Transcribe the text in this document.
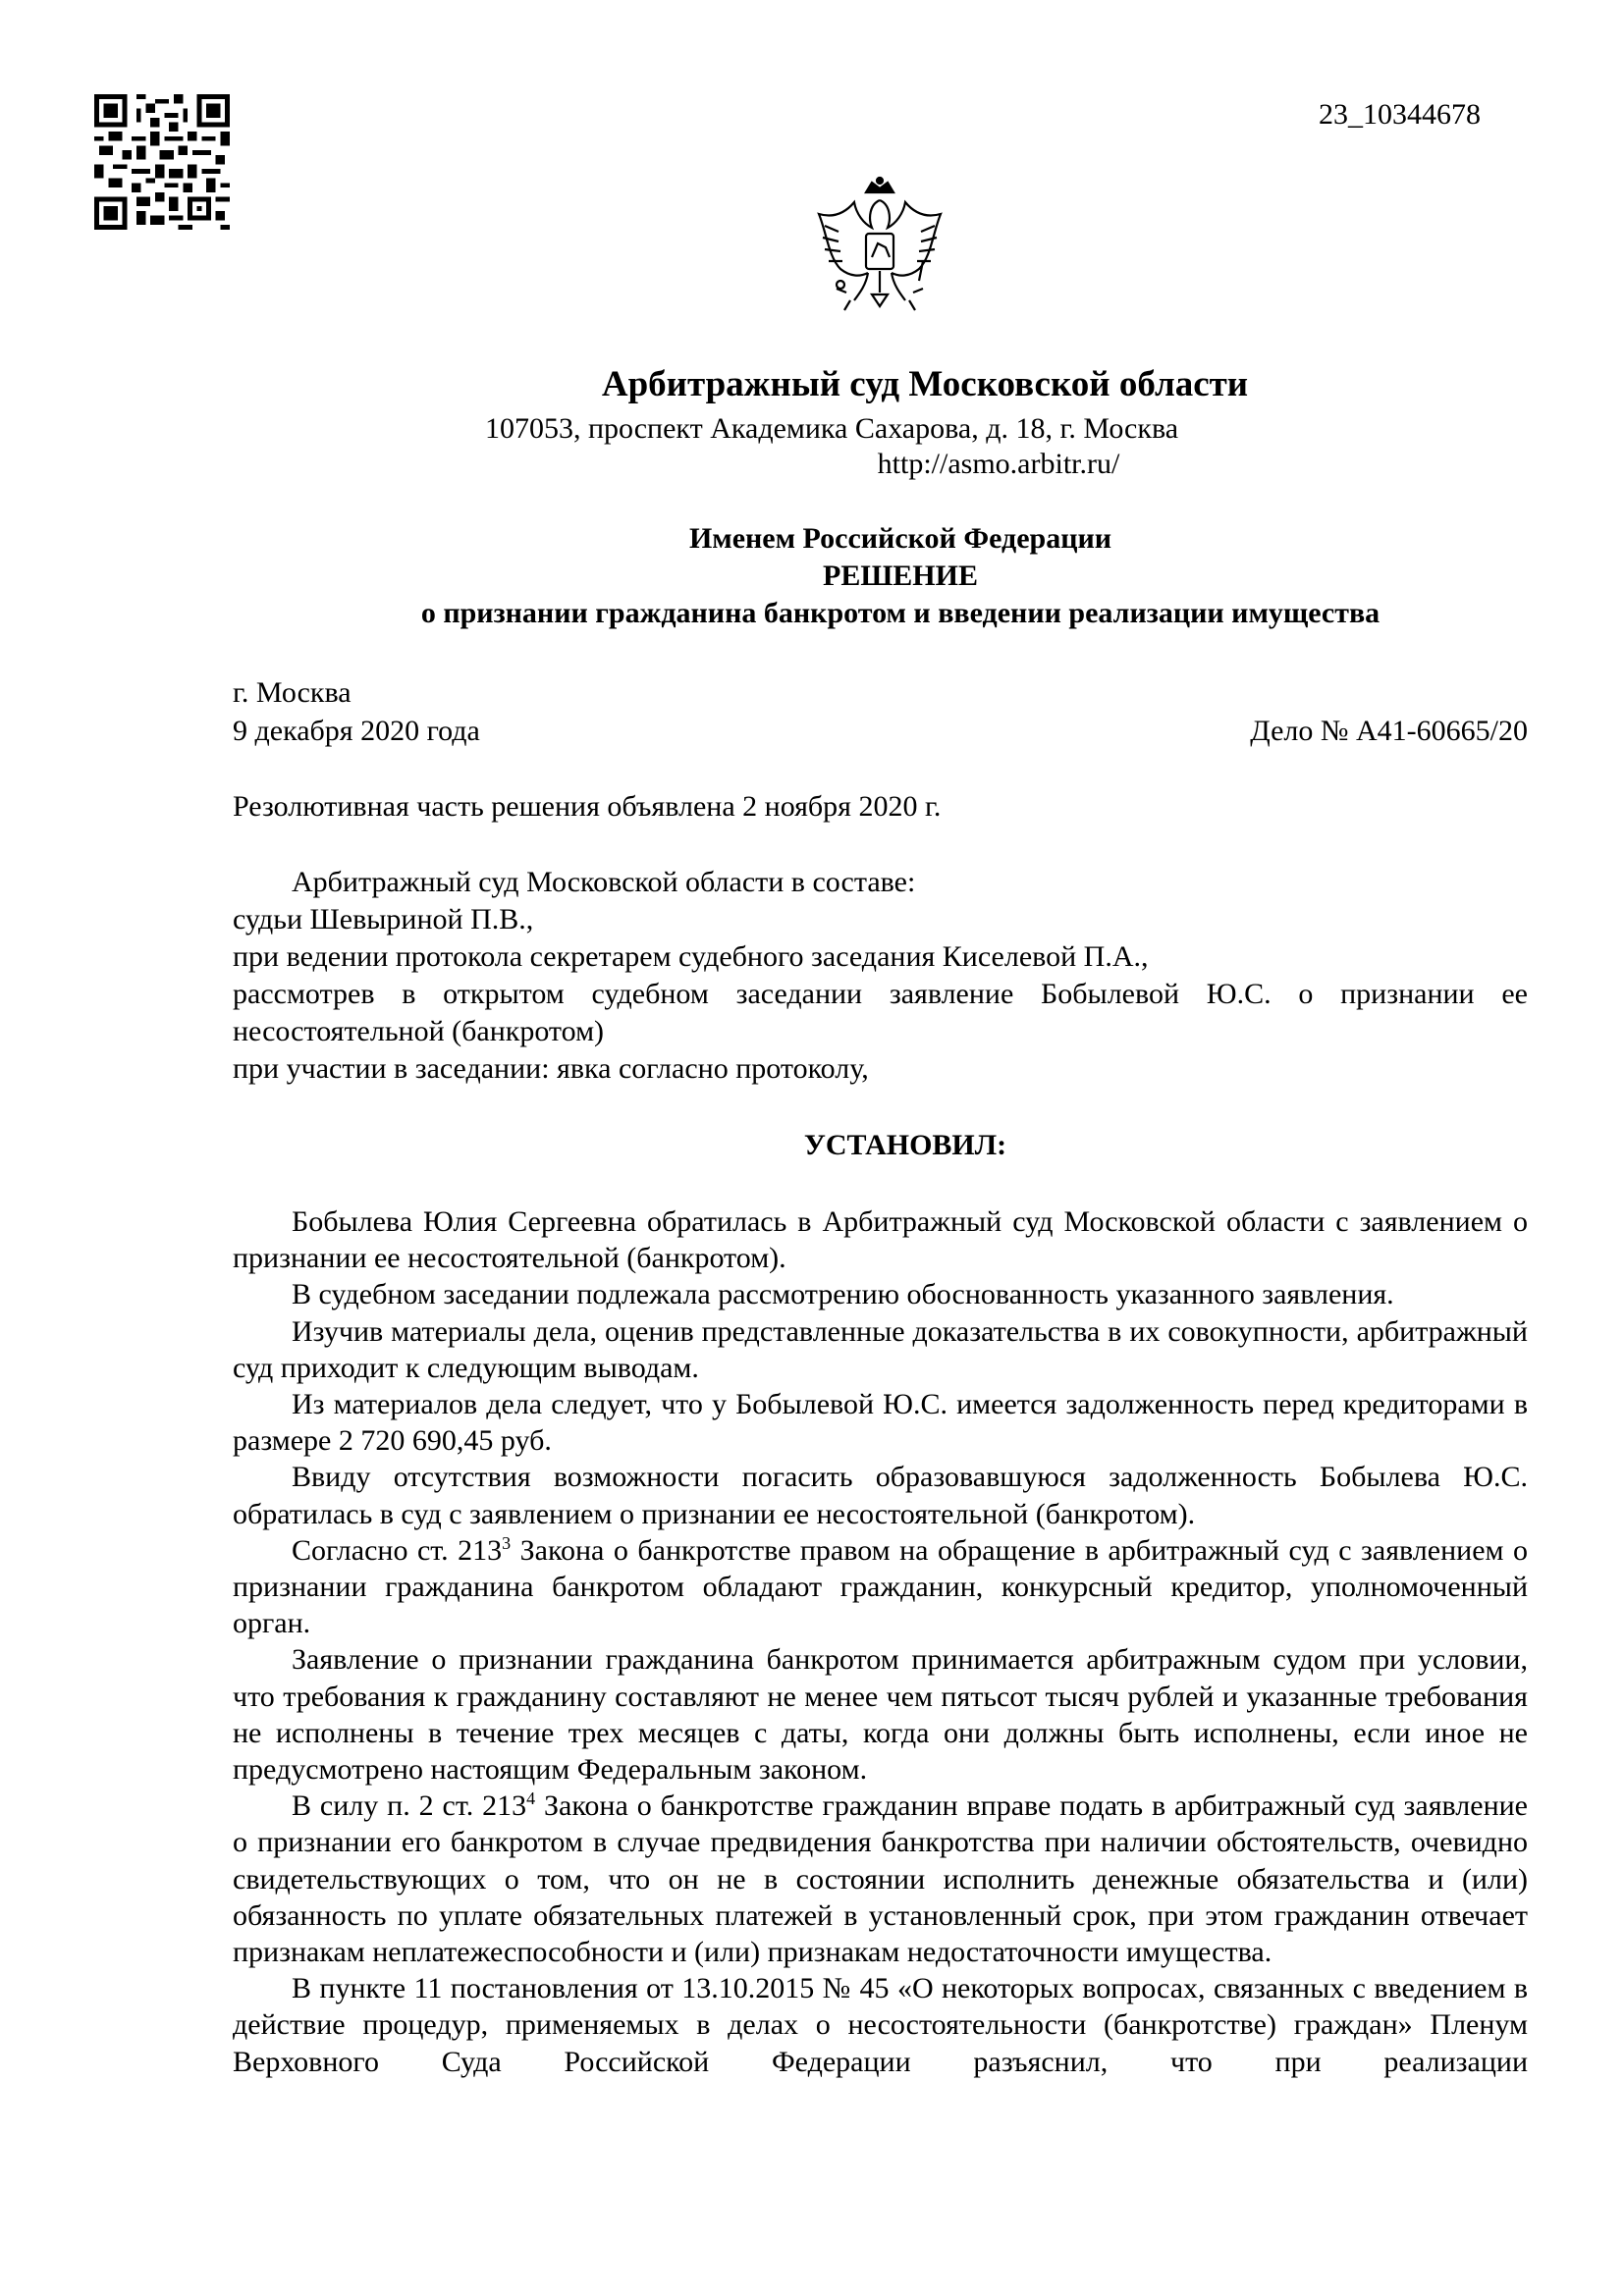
23_10344678
Арбитражный суд Московской области
107053, проспект Академика Сахарова, д. 18, г. Москва
http://asmo.arbitr.ru/
Именем Российской Федерации
РЕШЕНИЕ
о признании гражданина банкротом и введении реализации имущества
г. Москва
9 декабря 2020 года	Дело № А41-60665/20
Резолютивная часть решения объявлена 2 ноября 2020 г.
Арбитражный суд Московской области в составе:
судьи Шевыриной П.В.,
при ведении протокола секретарем судебного заседания Киселевой П.А.,
рассмотрев в открытом судебном заседании заявление Бобылевой Ю.С. о признании ее
несостоятельной (банкротом)
при участии в заседании: явка согласно протоколу,
УСТАНОВИЛ:

Бобылева Юлия Сергеевна обратилась в Арбитражный суд Московской области с заявлением о признании ее несостоятельной (банкротом).

В судебном заседании подлежала рассмотрению обоснованность указанного заявления.

Изучив материалы дела, оценив представленные доказательства в их совокупности, арбитражный суд приходит к следующим выводам.

Из материалов дела следует, что у Бобылевой Ю.С. имеется задолженность перед кредиторами в размере 2 720 690,45 руб.

Ввиду отсутствия возможности погасить образовавшуюся задолженность Бобылева Ю.С. обратилась в суд с заявлением о признании ее несостоятельной (банкротом).

Согласно ст. $213^3$ Закона о банкротстве правом на обращение в арбитражный суд с заявлением о признании гражданина банкротом обладают гражданин, конкурсный кредитор, уполномоченный орган.

Заявление о признании гражданина банкротом принимается арбитражным судом при условии, что требования к гражданину составляют не менее чем пятьсот тысяч рублей и указанные требования не исполнены в течение трех месяцев с даты, когда они должны быть исполнены, если иное не предусмотрено настоящим Федеральным законом.

В силу п. 2 ст. $213^4$ Закона о банкротстве гражданин вправе подать в арбитражный суд заявление о признании его банкротом в случае предвидения банкротства при наличии обстоятельств, очевидно свидетельствующих о том, что он не в состоянии исполнить денежные обязательства и (или) обязанность по уплате обязательных платежей в установленный срок, при этом гражданин отвечает признакам неплатежеспособности и (или) признакам недостаточности имущества.

В пункте 11 постановления от 13.10.2015 № 45 «О некоторых вопросах, связанных с введением в действие процедур, применяемых в делах о несостоятельности (банкротстве) граждан» Пленум Верховного Суда Российской Федерации разъяснил, что при реализации
